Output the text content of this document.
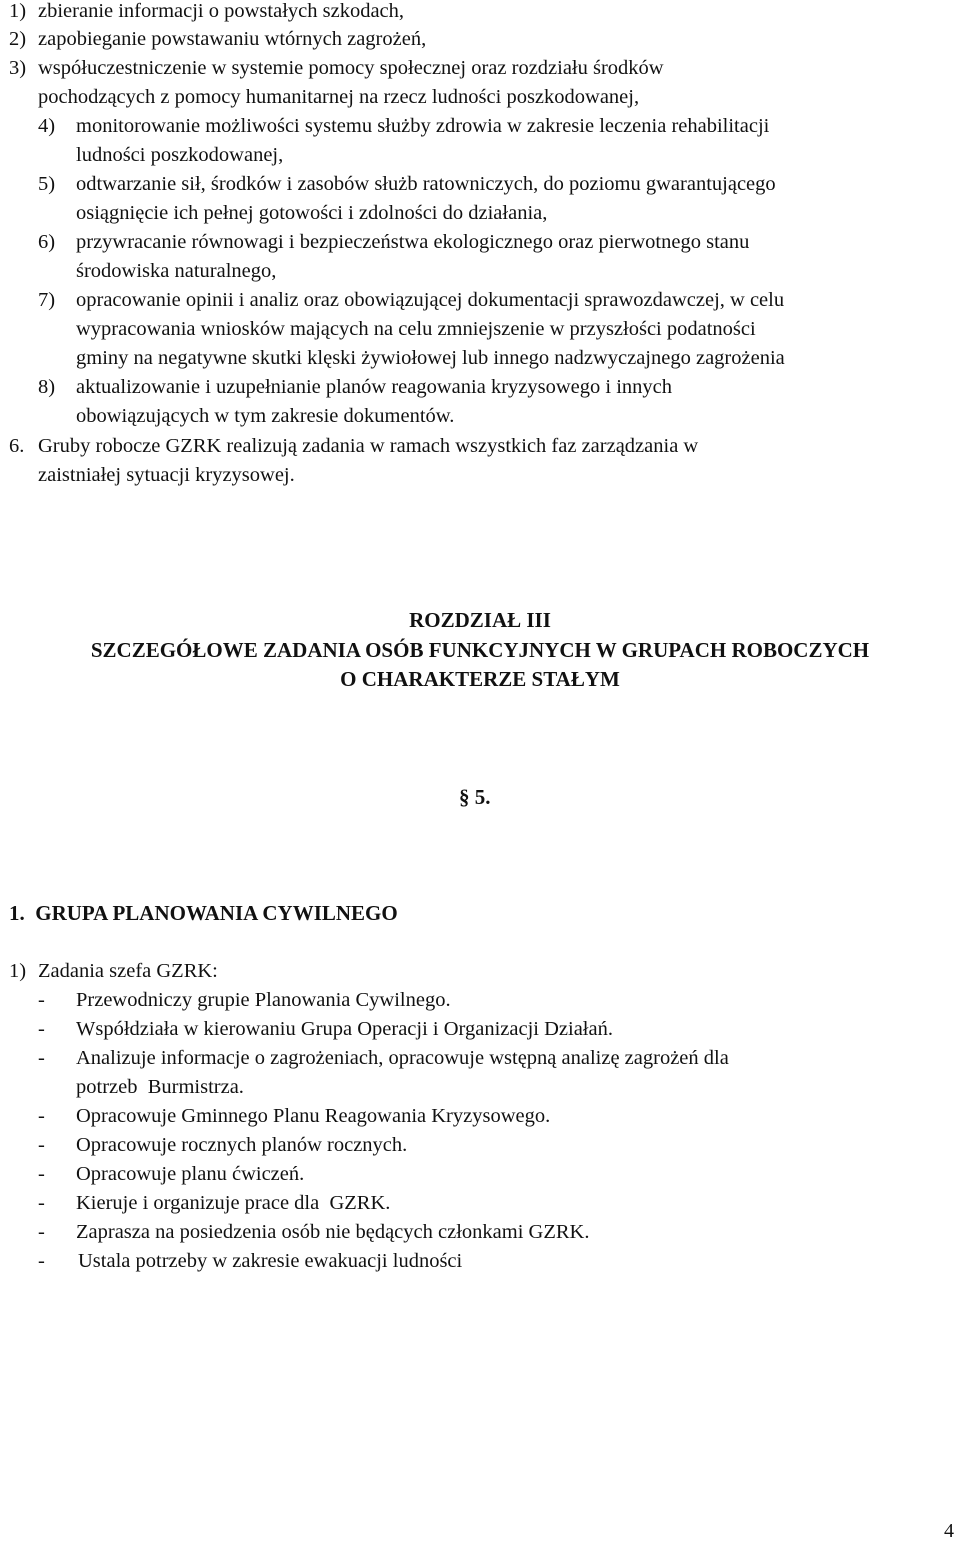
1) zbieranie informacji o powstałych szkodach,
2) zapobieganie powstawaniu wtórnych zagrożeń,
3) współuczestniczenie w systemie pomocy społecznej oraz rozdziału środków
pochodzących z pomocy humanitarnej na rzecz ludności poszkodowanej,
4) monitorowanie możliwości systemu służby zdrowia w zakresie leczenia rehabilitacji
ludności poszkodowanej,
5) odtwarzanie sił, środków i zasobów służb ratowniczych, do poziomu gwarantującego
osiągnięcie ich pełnej gotowości i zdolności do działania,
6) przywracanie równowagi i bezpieczeństwa ekologicznego oraz pierwotnego stanu
środowiska naturalnego,
7) opracowanie opinii i analiz oraz obowiązującej dokumentacji sprawozdawczej, w celu
wypracowania wniosków mających na celu zmniejszenie w przyszłości podatności
gminy na negatywne skutki klęski żywiołowej lub innego nadzwyczajnego zagrożenia
8) aktualizowanie i uzupełnianie planów reagowania kryzysowego i innych
obowiązujących w tym zakresie dokumentów.
6. Gruby robocze GZRK realizują zadania w ramach wszystkich faz zarządzania w
zaistniałej sytuacji kryzysowej.
ROZDZIAŁ III
SZCZEGÓŁOWE ZADANIA OSÓB FUNKCYJNYCH W GRUPACH ROBOCZYCH
O CHARAKTERZE STAŁYM
§ 5.
1.  GRUPA PLANOWANIA CYWILNEGO
1) Zadania szefa GZRK:
- Przewodniczy grupie Planowania Cywilnego.
- Współdziała w kierowaniu Grupa Operacji i Organizacji Działań.
- Analizuje informacje o zagrożeniach, opracowuje wstępną analizę zagrożeń dla
potrzeb  Burmistrza.
- Opracowuje Gminnego Planu Reagowania Kryzysowego.
- Opracowuje rocznych planów rocznych.
- Opracowuje planu ćwiczeń.
- Kieruje i organizuje prace dla  GZRK.
- Zaprasza na posiedzenia osób nie będących członkami GZRK.
- Ustala potrzeby w zakresie ewakuacji ludności
4
